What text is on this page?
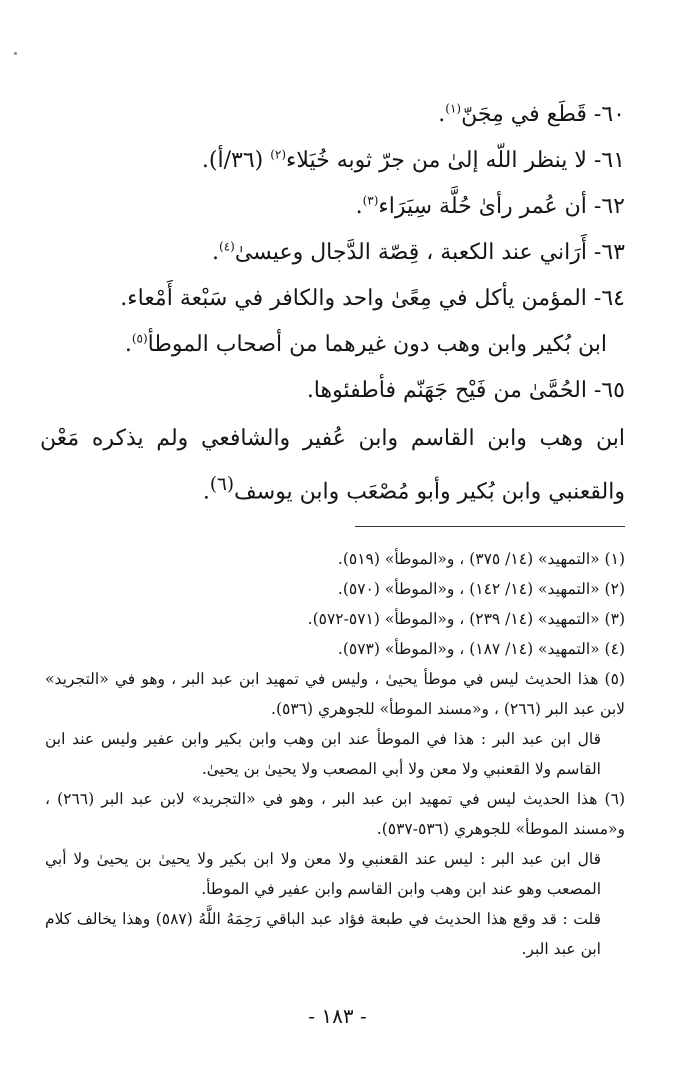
٦٠- قَطَع في مِجَنّ$^{(١)}$.
٦١- لا ينظر اللّه إلىٰ من جرّ ثوبه خُيَلاء$^{(٢)}$ (٣٦/أ).
٦٢- أن عُمر رأىٰ حُلَّة سِيَرَاء$^{(٣)}$.
٦٣- أَرَاني عند الكعبة ، قِصّة الدَّجال وعيسىٰ$^{(٤)}$.
٦٤- المؤمن يأكل في مِعًىٰ واحد والكافر في سَبْعة أَمْعاء.
ابن بُكير وابن وهب دون غيرهما من أصحاب الموطأ$^{(٥)}$.
٦٥- الحُمَّىٰ من فَيْح جَهَنّم فأطفئوها.
ابن وهب وابن القاسم وابن عُفير والشافعي ولم يذكره مَعْن والقعنبي وابن بُكير وأبو مُصْعَب وابن يوسف$^{(٦)}$.
(١) «التمهيد» (١٤/ ٣٧٥) ، و«الموطأ» (٥١٩).
(٢) «التمهيد» (١٤/ ١٤٢) ، و«الموطأ» (٥٧٠).
(٣) «التمهيد» (١٤/ ٢٣٩) ، و«الموطأ» (٥٧١-٥٧٢).
(٤) «التمهيد» (١٤/ ١٨٧) ، و«الموطأ» (٥٧٣).
(٥) هذا الحديث ليس في موطأ يحيىٰ ، وليس في تمهيد ابن عبد البر ، وهو في «التجريد» لابن عبد البر (٢٦٦) ، و«مسند الموطأ» للجوهري (٥٣٦).
قال ابن عبد البر : هذا في الموطأ عند ابن وهب وابن بكير وابن عفير وليس عند ابن القاسم ولا القعنبي ولا معن ولا أبي المصعب ولا يحيىٰ بن يحيىٰ.
(٦) هذا الحديث ليس في تمهيد ابن عبد البر ، وهو في «التجريد» لابن عبد البر (٢٦٦) ، و«مسند الموطأ» للجوهري (٥٣٦-٥٣٧).
قال ابن عبد البر : ليس عند القعنبي ولا معن ولا ابن بكير ولا يحيىٰ بن يحيىٰ ولا أبي المصعب وهو عند ابن وهب وابن القاسم وابن عفير في الموطأ.
قلت : قد وقع هذا الحديث في طبعة فؤاد عبد الباقي رَحِمَهُ اللَّهُ (٥٨٧) وهذا يخالف كلام ابن عبد البر.
- ١٨٣ -
